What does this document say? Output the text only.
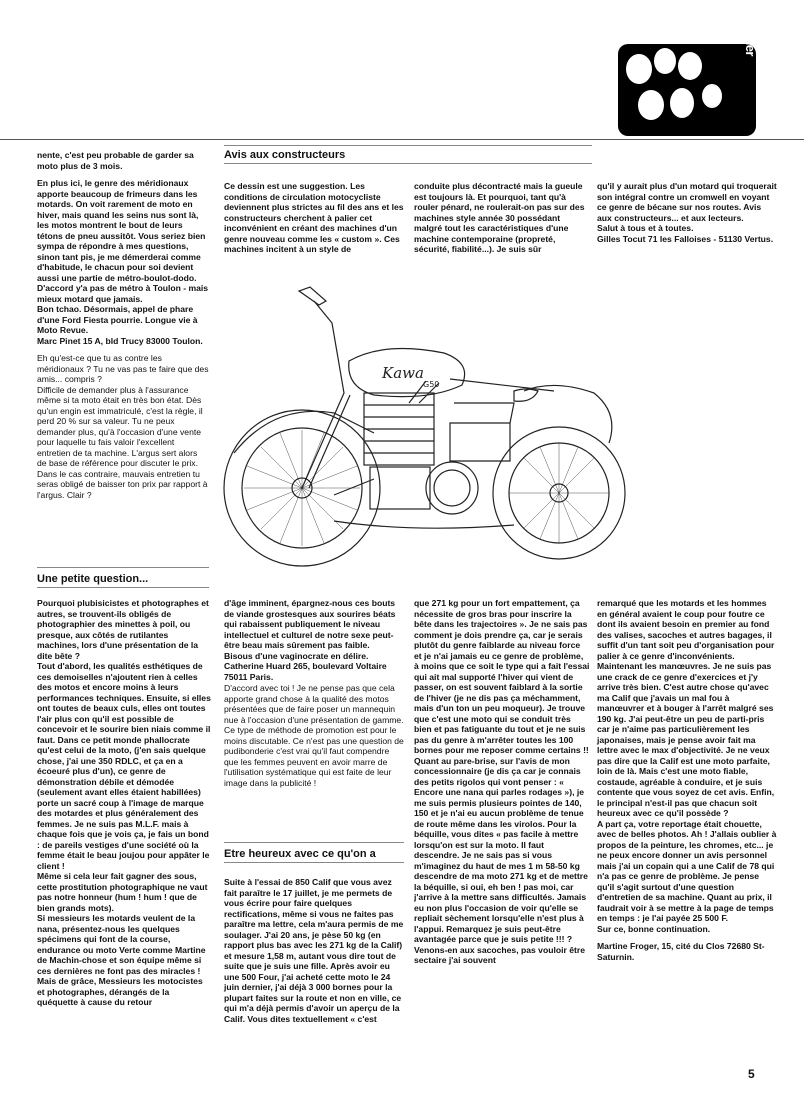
courrier

nente, c'est peu probable de garder sa moto plus de 3 mois.

En plus ici, le genre des méridionaux apporte beaucoup de frimeurs dans les motards. On voit rarement de moto en hiver, mais quand les seins nus sont là, les motos montrent le bout de leurs tétons de pneu aussitôt. Vous seriez bien sympa de répondre à mes questions, sinon tant pis, je me démerderai comme d'habitude, le chacun pour soi devient aussi une partie de métro-boulot-dodo. D'accord y'a pas de métro à Toulon - mais mieux motard que jamais.
Bon tchao. Désormais, appel de phare d'une Ford Fiesta pourrie. Longue vie à Moto Revue.
Marc Pinet 15 A, bld Trucy 83000 Toulon.

Eh qu'est-ce que tu as contre les méridionaux ? Tu ne vas pas te faire que des amis... compris ?
Difficile de demander plus à l'assurance même si ta moto était en très bon état. Dès qu'un engin est immatriculé, c'est la règle, il perd 20 % sur sa valeur. Tu ne peux demander plus, qu'à l'occasion d'une vente pour laquelle tu fais valoir l'excellent entretien de ta machine. L'argus sert alors de base de référence pour discuter le prix. Dans le cas contraire, mauvais entretien tu seras obligé de baisser ton prix par rapport à l'argus. Clair ?

Avis aux constructeurs

Ce dessin est une suggestion. Les conditions de circulation motocycliste deviennent plus strictes au fil des ans et les constructeurs cherchent à palier cet inconvénient en créant des machines d'un genre nouveau comme les « custom ». Ces machines incitent à un style de

conduite plus décontracté mais la gueule est toujours là. Et pourquoi, tant qu'à rouler pénard, ne roulerait-on pas sur des machines style année 30 possédant malgré tout les caractéristiques d'une machine contemporaine (propreté, sécurité, fiabilité...). Je suis sûr

qu'il y aurait plus d'un motard qui troquerait son intégral contre un cromwell en voyant ce genre de bécane sur nos routes. Avis aux constructeurs... et aux lecteurs.
Salut à tous et à toutes.
Gilles Tocut 71 les Falloises - 51130 Vertus.

Kawa
G50
Une petite question...

Pourquoi plubisicistes et photographes et autres, se trouvent-ils obligés de photographier des minettes à poil, ou presque, aux côtés de rutilantes machines, lors d'une présentation de la dite bête ?
Tout d'abord, les qualités esthétiques de ces demoiselles n'ajoutent rien à celles des motos et encore moins à leurs performances techniques. Ensuite, si elles ont toutes de beaux culs, elles ont toutes l'air plus con qu'il est possible de concevoir et le sourire bien niais comme il faut. Dans ce petit monde phallocrate qu'est celui de la moto, (j'en sais quelque chose, j'ai une 350 RDLC, et ça en a écoeuré plus d'un), ce genre de démonstration débile et démodée (seulement avant elles étaient habillées) porte un sacré coup à l'image de marque des motardes et plus généralement des femmes. Je ne suis pas M.L.F. mais à chaque fois que je vois ça, je fais un bond : de pareils vestiges d'une société où la femme était le beau joujou pour appâter le client !
Même si cela leur fait gagner des sous, cette prostitution photographique ne vaut pas notre honneur (hum ! hum ! que de bien grands mots).
Si messieurs les motards veulent de la nana, présentez-nous les quelques spécimens qui font de la course, endurance ou moto Verte comme Martine de Machin-chose et son équipe même si ces dernières ne font pas des miracles !
Mais de grâce, Messieurs les motocistes et photographes, dérangés de la quéquette à cause du retour

d'âge imminent, épargnez-nous ces bouts de viande grostesques aux sourires béats qui rabaissent publiquement le niveau intellectuel et culturel de notre sexe peut-être beau mais sûrement pas faible.
Bisous d'une vaginocrate en délire.
Catherine Huard 265, boulevard Voltaire 75011 Paris.

D'accord avec toi ! Je ne pense pas que cela apporte grand chose à la qualité des motos présentées que de faire poser un mannequin nue à l'occasion d'une présentation de gamme. Ce type de méthode de promotion est pour le moins discutable. Ce n'est pas une question de pudibonderie c'est vrai qu'il faut compendre que les femmes peuvent en avoir marre de l'utilisation systématique qui est faite de leur image dans la publicité !

Etre heureux avec ce qu'on a

Suite à l'essai de 850 Calif que vous avez fait paraître le 17 juillet, je me permets de vous écrire pour faire quelques rectifications, même si vous ne faites pas paraître ma lettre, cela m'aura permis de me soulager. J'ai 20 ans, je pèse 50 kg (en rapport plus bas avec les 271 kg de la Calif) et mesure 1,58 m, autant vous dire tout de suite que je suis une fille. Après avoir eu une 500 Four, j'ai acheté cette moto le 24 juin dernier, j'ai déjà 3 000 bornes pour la plupart faites sur la route et non en ville, ce qui m'a déjà permis d'avoir un aperçu de la Calif. Vous dites textuellement « c'est

que 271 kg pour un fort empattement, ça nécessite de gros bras pour inscrire la bête dans les trajectoires ». Je ne sais pas comment je dois prendre ça, car je serais plutôt du genre faiblarde au niveau force et je n'ai jamais eu ce genre de problème, à moins que ce soit le type qui a fait l'essai qui ait mal supporté l'hiver qui vient de passer, on est souvent faiblard à la sortie de l'hiver (je ne dis pas ça méchamment, mais d'un ton un peu moqueur). Je trouve que c'est une moto qui se conduit très bien et pas fatiguante du tout et je ne suis pas du genre à m'arrêter toutes les 100 bornes pour me reposer comme certains !!
Quant au pare-brise, sur l'avis de mon concessionnaire (je dis ça car je connais des petits rigolos qui vont penser : « Encore une nana qui parles rodages »), je me suis permis plusieurs pointes de 140, 150 et je n'ai eu aucun problème de tenue de route même dans les virolos. Pour la béquille, vous dites « pas facile à mettre lorsqu'on est sur la moto. Il faut descendre. Je ne sais pas si vous m'imaginez du haut de mes 1 m 58-50 kg descendre de ma moto 271 kg et de mettre la béquille, si oui, eh ben ! pas moi, car j'arrive à la mettre sans difficultés. Jamais eu non plus l'occasion de voir qu'elle se repliait sèchement lorsqu'elle n'est plus à l'appui. Remarquez je suis peut-être avantagée parce que je suis petite !!! ?
Venons-en aux sacoches, pas vouloir être sectaire j'ai souvent

remarqué que les motards et les hommes en général avaient le coup pour foutre ce dont ils avaient besoin en premier au fond des valises, sacoches et autres bagages, il suffit d'un tant soit peu d'organisation pour palier à ce genre d'inconvénients.
Maintenant les manœuvres. Je ne suis pas une crack de ce genre d'exercices et j'y arrive très bien. C'est autre chose qu'avec ma Calif que j'avais un mal fou à manœuvrer et à bouger à l'arrêt malgré ses 190 kg. J'ai peut-être un peu de parti-pris car je n'aime pas particulièrement les japonaises, mais je pense avoir fait ma lettre avec le max d'objectivité. Je ne veux pas dire que la Calif est une moto parfaite, loin de là. Mais c'est une moto fiable, costaude, agréable à conduire, et je suis contente que vous soyez de cet avis. Enfin, le principal n'est-il pas que chacun soit heureux avec ce qu'il possède ?
A part ça, votre reportage était chouette, avec de belles photos. Ah ! J'allais oublier à propos de la peinture, les chromes, etc... je ne peux encore donner un avis personnel mais j'ai un copain qui a une Calif de 78 qui n'a pas ce genre de problème. Je pense qu'il s'agit surtout d'une question d'entretien de sa machine. Quant au prix, il faudrait voir à se mettre à la page de temps en temps : je l'ai payée 25 500 F.
Sur ce, bonne continuation.

Martine Froger, 15, cité du Clos 72680 St-Saturnin.

5
